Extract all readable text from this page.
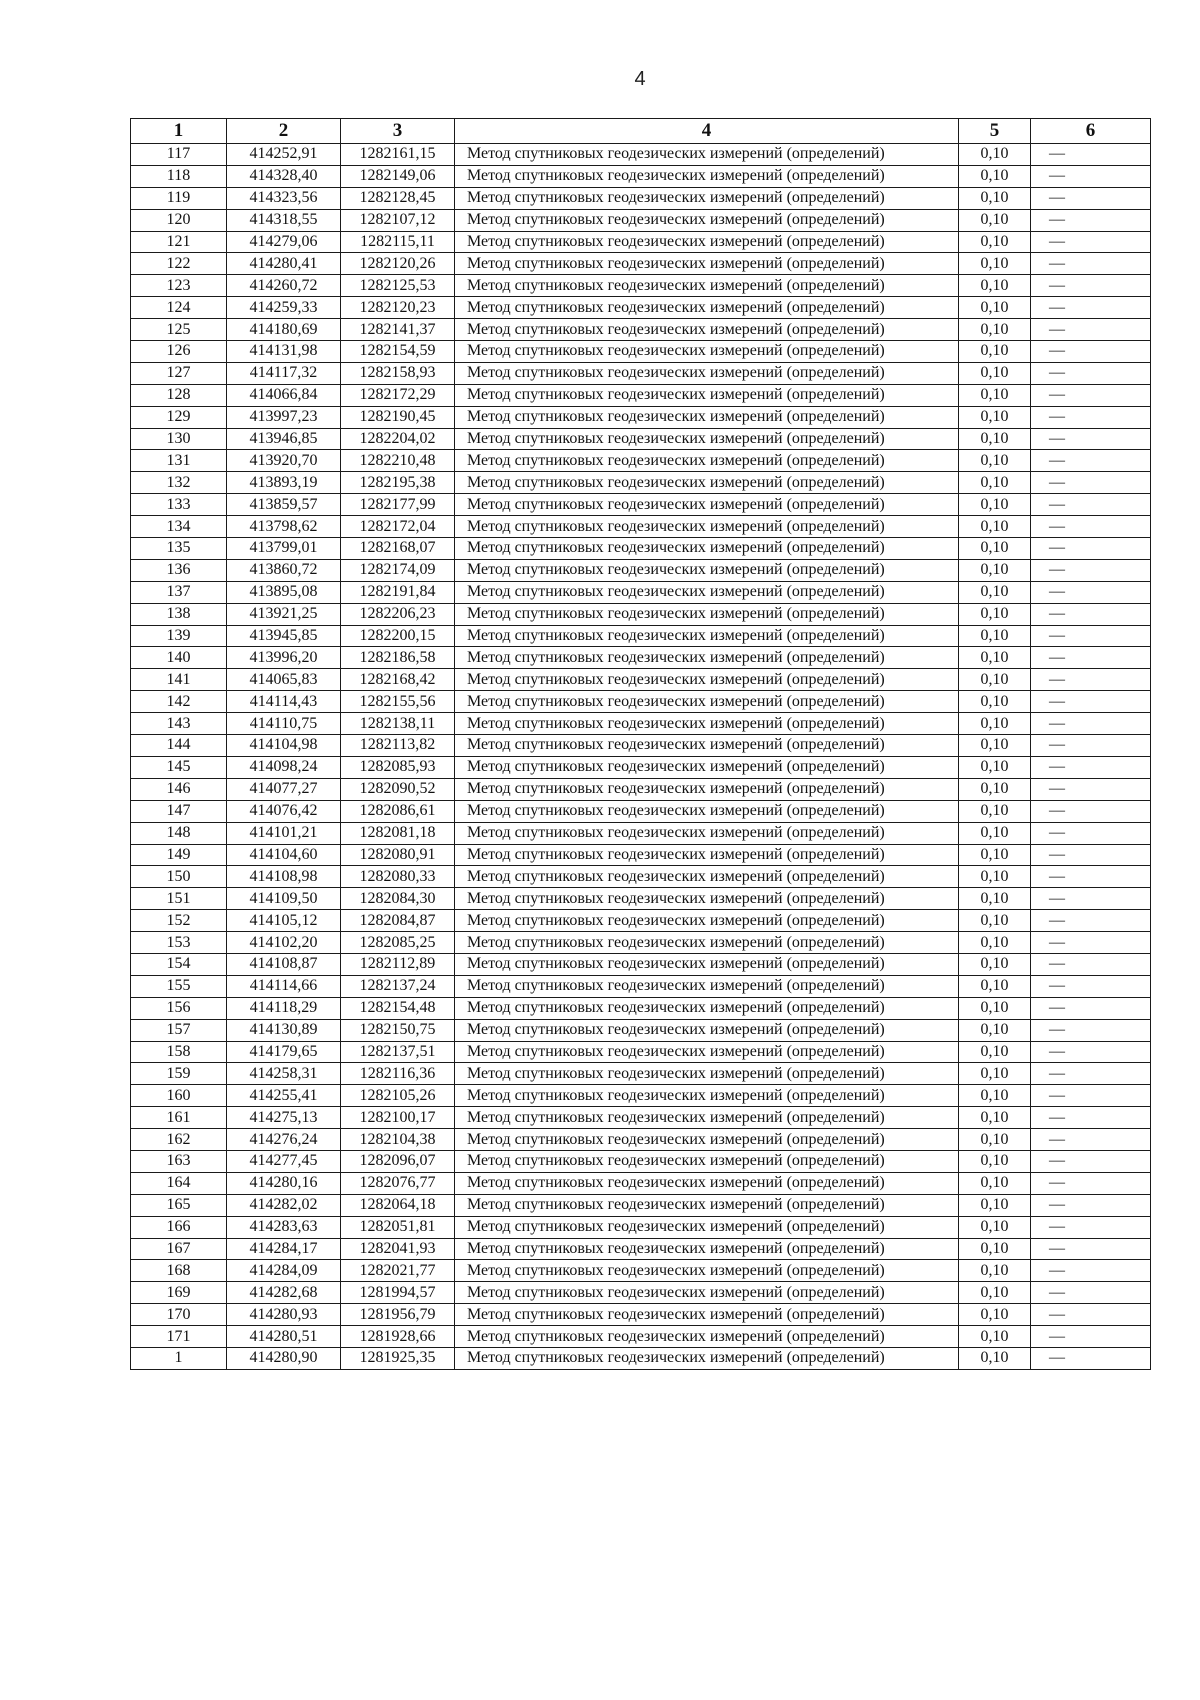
4
1	2	3	4	5	6
117	414252,91	1282161,15	Метод спутниковых геодезических измерений (определений)	0,10	—
118	414328,40	1282149,06	Метод спутниковых геодезических измерений (определений)	0,10	—
119	414323,56	1282128,45	Метод спутниковых геодезических измерений (определений)	0,10	—
120	414318,55	1282107,12	Метод спутниковых геодезических измерений (определений)	0,10	—
121	414279,06	1282115,11	Метод спутниковых геодезических измерений (определений)	0,10	—
122	414280,41	1282120,26	Метод спутниковых геодезических измерений (определений)	0,10	—
123	414260,72	1282125,53	Метод спутниковых геодезических измерений (определений)	0,10	—
124	414259,33	1282120,23	Метод спутниковых геодезических измерений (определений)	0,10	—
125	414180,69	1282141,37	Метод спутниковых геодезических измерений (определений)	0,10	—
126	414131,98	1282154,59	Метод спутниковых геодезических измерений (определений)	0,10	—
127	414117,32	1282158,93	Метод спутниковых геодезических измерений (определений)	0,10	—
128	414066,84	1282172,29	Метод спутниковых геодезических измерений (определений)	0,10	—
129	413997,23	1282190,45	Метод спутниковых геодезических измерений (определений)	0,10	—
130	413946,85	1282204,02	Метод спутниковых геодезических измерений (определений)	0,10	—
131	413920,70	1282210,48	Метод спутниковых геодезических измерений (определений)	0,10	—
132	413893,19	1282195,38	Метод спутниковых геодезических измерений (определений)	0,10	—
133	413859,57	1282177,99	Метод спутниковых геодезических измерений (определений)	0,10	—
134	413798,62	1282172,04	Метод спутниковых геодезических измерений (определений)	0,10	—
135	413799,01	1282168,07	Метод спутниковых геодезических измерений (определений)	0,10	—
136	413860,72	1282174,09	Метод спутниковых геодезических измерений (определений)	0,10	—
137	413895,08	1282191,84	Метод спутниковых геодезических измерений (определений)	0,10	—
138	413921,25	1282206,23	Метод спутниковых геодезических измерений (определений)	0,10	—
139	413945,85	1282200,15	Метод спутниковых геодезических измерений (определений)	0,10	—
140	413996,20	1282186,58	Метод спутниковых геодезических измерений (определений)	0,10	—
141	414065,83	1282168,42	Метод спутниковых геодезических измерений (определений)	0,10	—
142	414114,43	1282155,56	Метод спутниковых геодезических измерений (определений)	0,10	—
143	414110,75	1282138,11	Метод спутниковых геодезических измерений (определений)	0,10	—
144	414104,98	1282113,82	Метод спутниковых геодезических измерений (определений)	0,10	—
145	414098,24	1282085,93	Метод спутниковых геодезических измерений (определений)	0,10	—
146	414077,27	1282090,52	Метод спутниковых геодезических измерений (определений)	0,10	—
147	414076,42	1282086,61	Метод спутниковых геодезических измерений (определений)	0,10	—
148	414101,21	1282081,18	Метод спутниковых геодезических измерений (определений)	0,10	—
149	414104,60	1282080,91	Метод спутниковых геодезических измерений (определений)	0,10	—
150	414108,98	1282080,33	Метод спутниковых геодезических измерений (определений)	0,10	—
151	414109,50	1282084,30	Метод спутниковых геодезических измерений (определений)	0,10	—
152	414105,12	1282084,87	Метод спутниковых геодезических измерений (определений)	0,10	—
153	414102,20	1282085,25	Метод спутниковых геодезических измерений (определений)	0,10	—
154	414108,87	1282112,89	Метод спутниковых геодезических измерений (определений)	0,10	—
155	414114,66	1282137,24	Метод спутниковых геодезических измерений (определений)	0,10	—
156	414118,29	1282154,48	Метод спутниковых геодезических измерений (определений)	0,10	—
157	414130,89	1282150,75	Метод спутниковых геодезических измерений (определений)	0,10	—
158	414179,65	1282137,51	Метод спутниковых геодезических измерений (определений)	0,10	—
159	414258,31	1282116,36	Метод спутниковых геодезических измерений (определений)	0,10	—
160	414255,41	1282105,26	Метод спутниковых геодезических измерений (определений)	0,10	—
161	414275,13	1282100,17	Метод спутниковых геодезических измерений (определений)	0,10	—
162	414276,24	1282104,38	Метод спутниковых геодезических измерений (определений)	0,10	—
163	414277,45	1282096,07	Метод спутниковых геодезических измерений (определений)	0,10	—
164	414280,16	1282076,77	Метод спутниковых геодезических измерений (определений)	0,10	—
165	414282,02	1282064,18	Метод спутниковых геодезических измерений (определений)	0,10	—
166	414283,63	1282051,81	Метод спутниковых геодезических измерений (определений)	0,10	—
167	414284,17	1282041,93	Метод спутниковых геодезических измерений (определений)	0,10	—
168	414284,09	1282021,77	Метод спутниковых геодезических измерений (определений)	0,10	—
169	414282,68	1281994,57	Метод спутниковых геодезических измерений (определений)	0,10	—
170	414280,93	1281956,79	Метод спутниковых геодезических измерений (определений)	0,10	—
171	414280,51	1281928,66	Метод спутниковых геодезических измерений (определений)	0,10	—
1	414280,90	1281925,35	Метод спутниковых геодезических измерений (определений)	0,10	—
